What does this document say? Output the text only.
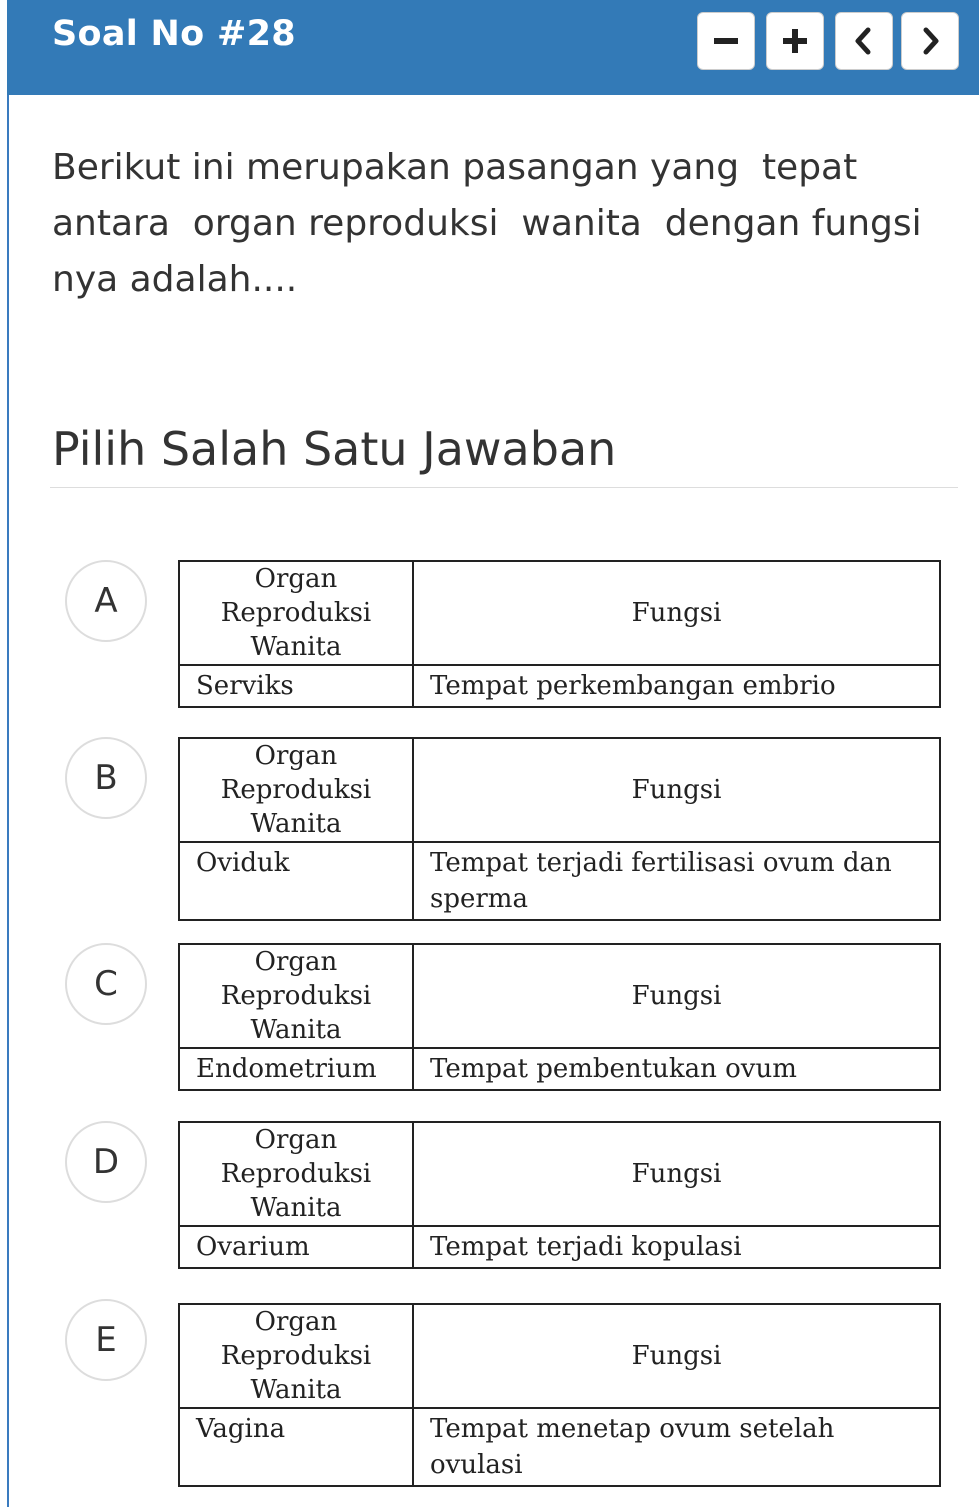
Soal No #28
Berikut ini merupakan pasangan yang  tepat antara  organ reproduksi  wanita  dengan fungsi nya adalah....
Pilih Salah Satu Jawaban
A
Organ Reproduksi Wanita	Fungsi
Serviks	Tempat perkembangan embrio
B
Organ Reproduksi Wanita	Fungsi
Oviduk	Tempat terjadi fertilisasi ovum dan sperma
C
Organ Reproduksi Wanita	Fungsi
Endometrium	Tempat pembentukan ovum
D
Organ Reproduksi Wanita	Fungsi
Ovarium	Tempat terjadi kopulasi
E	Organ Reproduksi Wanita	Fungsi
Vagina	Tempat menetap ovum setelah ovulasi
